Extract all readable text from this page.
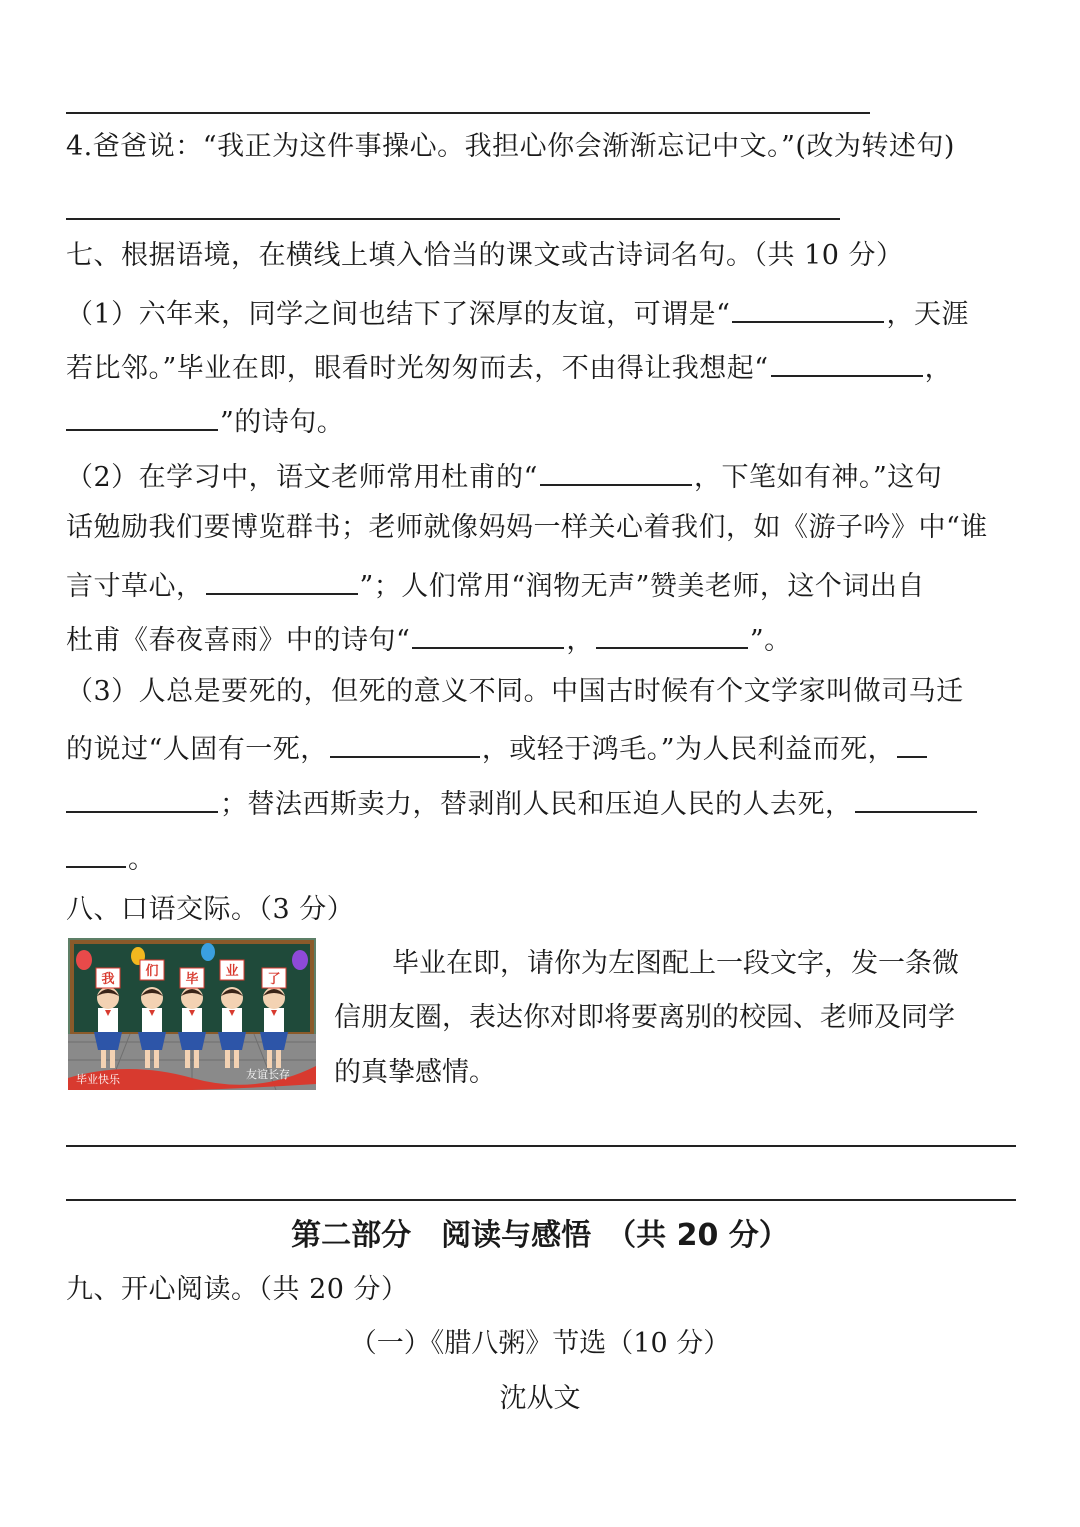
4.爸爸说：“我正为这件事操心。我担心你会渐渐忘记中文。”(改为转述句)
七、根据语境，在横线上填入恰当的课文或古诗词名句。（共 10 分）
（1）六年来，同学之间也结下了深厚的友谊，可谓是“	，天涯
若比邻。”毕业在即，眼看时光匆匆而去，不由得让我想起“	，
”的诗句。
（2）在学习中，语文老师常用杜甫的“	，下笔如有神。”这句
话勉励我们要博览群书；老师就像妈妈一样关心着我们，如《游子吟》中“谁
言寸草心，	”；人们常用“润物无声”赞美老师，这个词出自
杜甫《春夜喜雨》中的诗句“	，	”。
（3）人总是要死的，但死的意义不同。中国古时候有个文学家叫做司马迁
的说过“人固有一死，	，或轻于鸿毛。”为人民利益而死，
；替法西斯卖力，替剥削人民和压迫人民的人去死，
。
八、口语交际。（3 分）
我
们
毕
业
了
毕业快乐	友谊长存
毕业在即，请你为左图配上一段文字，发一条微
信朋友圈，表达你对即将要离别的校园、老师及同学
的真挚感情。
第二部分　阅读与感悟　（共 20 分）
九、开心阅读。（共 20 分）
（一）《腊八粥》节选（10 分）
沈从文
